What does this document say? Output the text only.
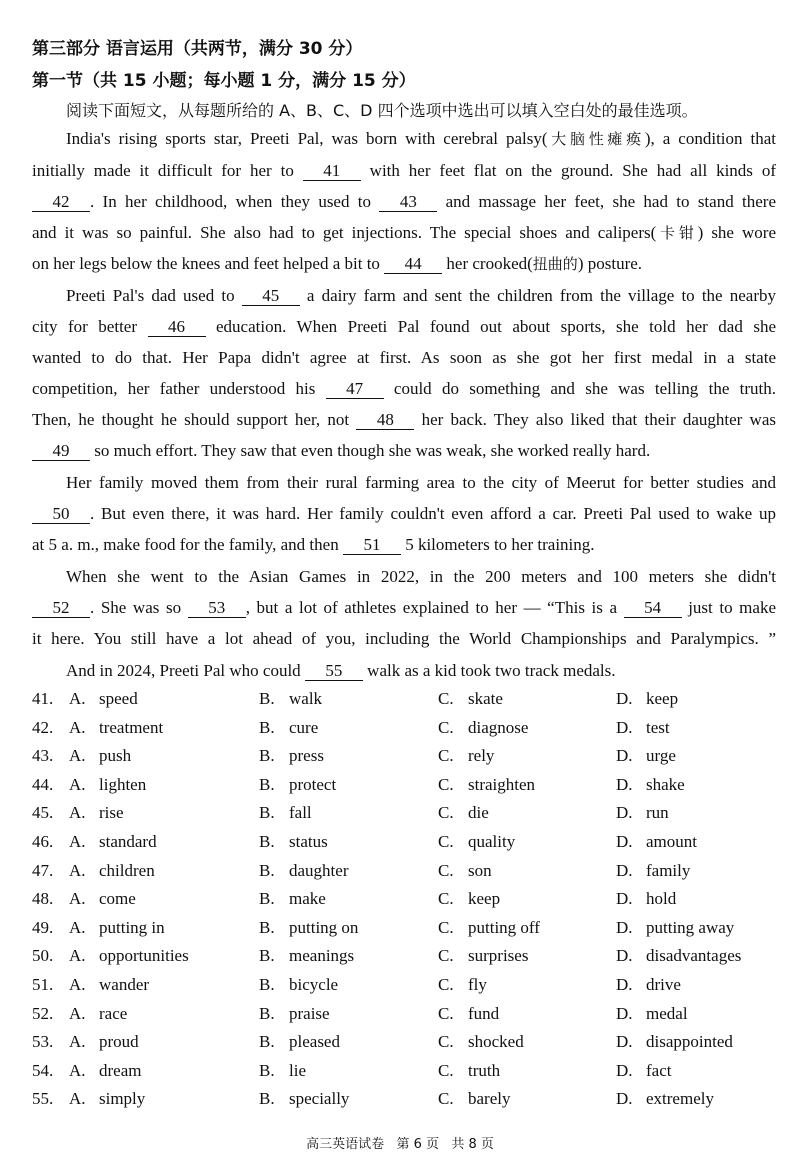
第三部分 语言运用（共两节，满分 30 分）
第一节（共 15 小题；每小题 1 分，满分 15 分）
阅读下面短文，从每题所给的 A、B、C、D 四个选项中选出可以填入空白处的最佳选项。
India's rising sports star, Preeti Pal, was born with cerebral palsy(大脑性瘫痪), a condition that
initially made it difficult for her to 41 with her feet flat on the ground. She had all kinds of
42 . In her childhood, when they used to 43 and massage her feet, she had to stand there
and it was so painful. She also had to get injections. The special shoes and calipers(卡钳) she wore
on her legs below the knees and feet helped a bit to 44 her crooked(扭曲的) posture.
Preeti Pal's dad used to 45 a dairy farm and sent the children from the village to the nearby
city for better 46 education. When Preeti Pal found out about sports, she told her dad she
wanted to do that. Her Papa didn't agree at first. As soon as she got her first medal in a state
competition, her father understood his 47 could do something and she was telling the truth.
Then, he thought he should support her, not 48 her back. They also liked that their daughter was
49 so much effort. They saw that even though she was weak, she worked really hard.
Her family moved them from their rural farming area to the city of Meerut for better studies and
50 . But even there, it was hard. Her family couldn't even afford a car. Preeti Pal used to wake up
at 5 a. m., make food for the family, and then 51 5 kilometers to her training.
When she went to the Asian Games in 2022, in the 200 meters and 100 meters she didn't
52 . She was so 53 , but a lot of athletes explained to her — “This is a 54 just to make
it here. You still have a lot ahead of you, including the World Championships and Paralympics. ”
And in 2024, Preeti Pal who could 55 walk as a kid took two track medals.
41. A. speed	B. walk	C. skate	D. keep
42. A. treatment	B. cure	C. diagnose	D. test
43. A. push	B. press	C. rely	D. urge
44. A. lighten	B. protect	C. straighten	D. shake
45. A. rise	B. fall	C. die	D. run
46. A. standard	B. status	C. quality	D. amount
47. A. children	B. daughter	C. son	D. family
48. A. come	B. make	C. keep	D. hold
49. A. putting in	B. putting on	C. putting off	D. putting away
50. A. opportunities	B. meanings	C. surprises	D. disadvantages
51. A. wander	B. bicycle	C. fly	D. drive
52. A. race	B. praise	C. fund	D. medal
53. A. proud	B. pleased	C. shocked	D. disappointed
54. A. dream	B. lie	C. truth	D. fact
55. A. simply	B. specially	C. barely	D. extremely
高三英语试卷   第 6 页   共 8 页
